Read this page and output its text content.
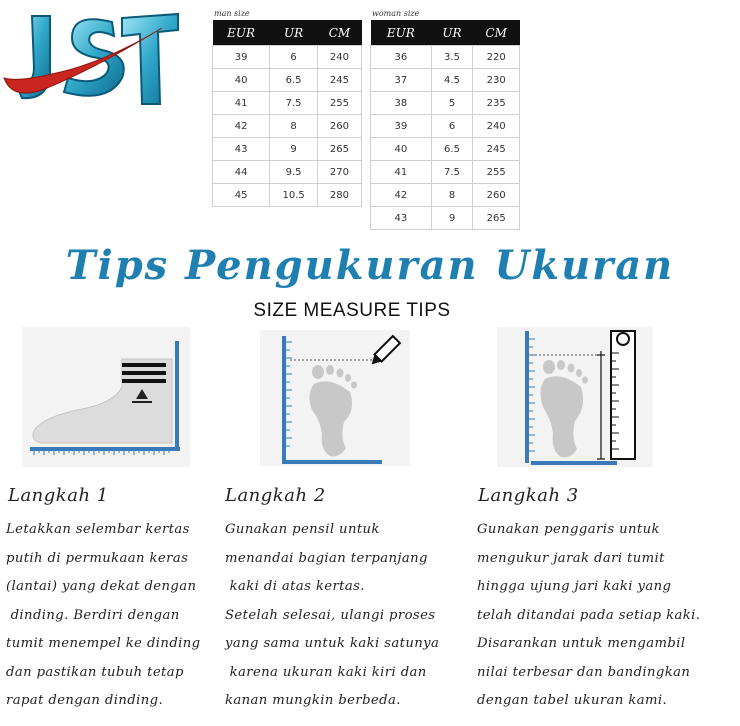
JST
man size
EUR	UR	CM
39	6	240
40	6.5	245
41	7.5	255
42	8	260
43	9	265
44	9.5	270
45	10.5	280
woman size
EUR	UR	CM
36	3.5	220
37	4.5	230
38	5	235
39	6	240
40	6.5	245
41	7.5	255
42	8	260
43	9	265
Tips Pengukuran Ukuran
SIZE MEASURE TIPS
Langkah 1
Letakkan selembar kertas
putih di permukaan keras
(lantai) yang dekat dengan
dinding. Berdiri dengan
tumit menempel ke dinding
dan pastikan tubuh tetap
rapat dengan dinding.
Langkah 2
Gunakan pensil untuk
menandai bagian terpanjang
kaki di atas kertas.
Setelah selesai, ulangi proses
yang sama untuk kaki satunya
karena ukuran kaki kiri dan
kanan mungkin berbeda.
Langkah 3
Gunakan penggaris untuk
mengukur jarak dari tumit
hingga ujung jari kaki yang
telah ditandai pada setiap kaki.
Disarankan untuk mengambil
nilai terbesar dan bandingkan
dengan tabel ukuran kami.
